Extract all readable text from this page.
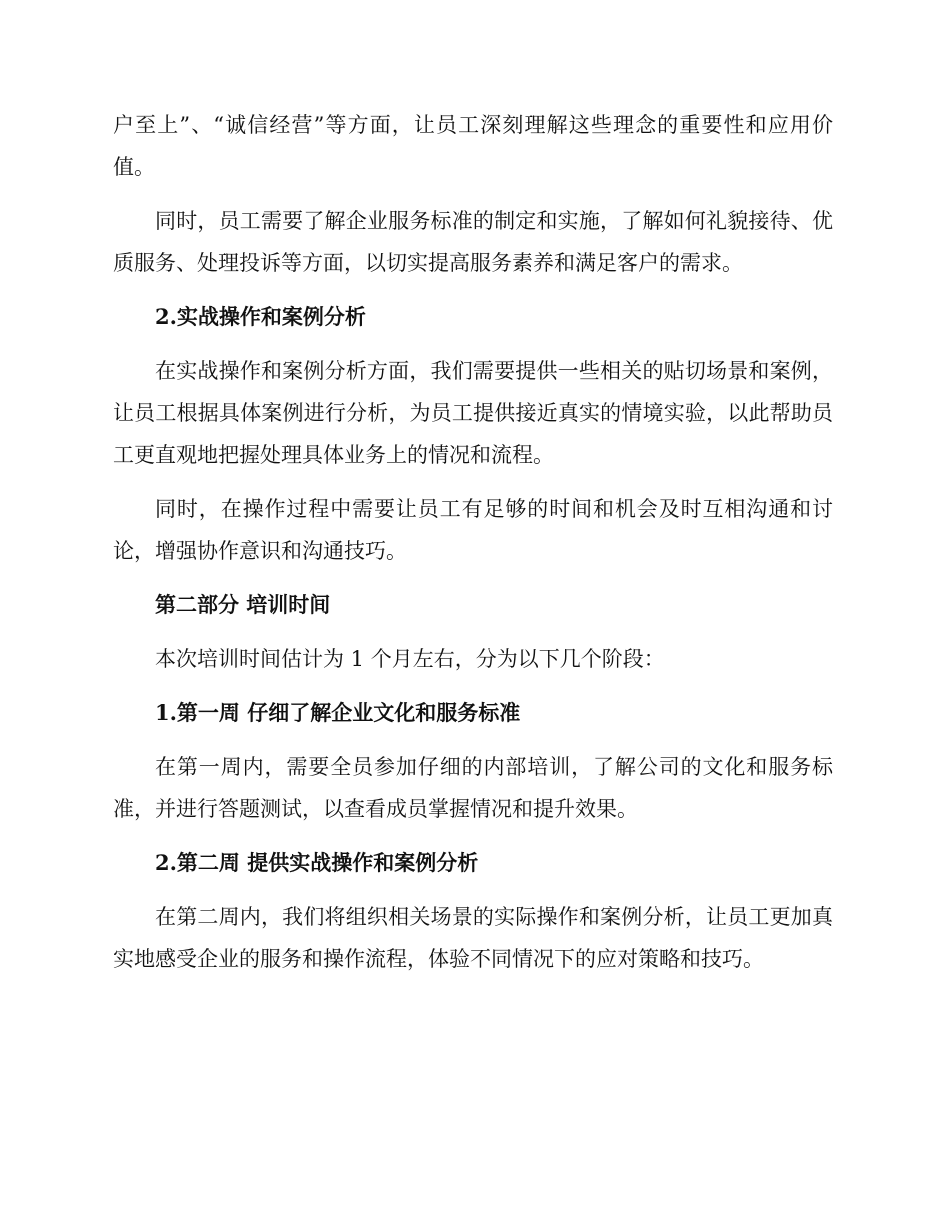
户至上”、“诚信经营”等方面，让员工深刻理解这些理念的重要性和应用价值。

同时，员工需要了解企业服务标准的制定和实施，了解如何礼貌接待、优质服务、处理投诉等方面，以切实提高服务素养和满足客户的需求。

2.实战操作和案例分析

在实战操作和案例分析方面，我们需要提供一些相关的贴切场景和案例，让员工根据具体案例进行分析，为员工提供接近真实的情境实验，以此帮助员工更直观地把握处理具体业务上的情况和流程。

同时，在操作过程中需要让员工有足够的时间和机会及时互相沟通和讨论，增强协作意识和沟通技巧。

第二部分 培训时间

本次培训时间估计为 1 个月左右，分为以下几个阶段：

1.第一周 仔细了解企业文化和服务标准

在第一周内，需要全员参加仔细的内部培训，了解公司的文化和服务标准，并进行答题测试，以查看成员掌握情况和提升效果。

2.第二周 提供实战操作和案例分析

在第二周内，我们将组织相关场景的实际操作和案例分析，让员工更加真实地感受企业的服务和操作流程，体验不同情况下的应对策略和技巧。
